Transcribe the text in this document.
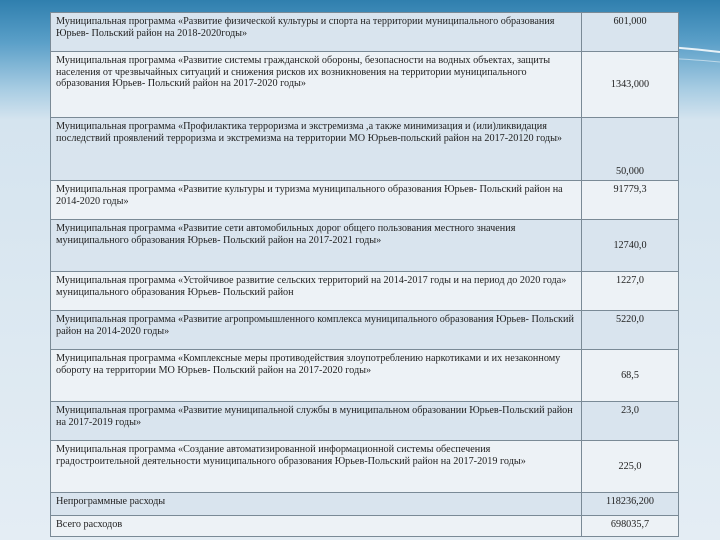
Муниципальная программа «Развитие физической культуры и спорта на территории муниципального образования Юрьев- Польский район на 2018-2020годы»	601,000
Муниципальная программа «Развитие системы гражданской обороны, безопасности на водных объектах, защиты населения от чрезвычайных ситуаций и снижения рисков их возникновения на территории муниципального образования Юрьев- Польский район на 2017-2020 годы»	1343,000
Муниципальная программа «Профилактика терроризма и экстремизма ,а также минимизация и (или)ликвидация последствий проявлений терроризма и экстремизма на территории МО Юрьев-польский район на 2017-20120 годы»	50,000
Муниципальная программа «Развитие культуры и туризма муниципального образования Юрьев- Польский район на 2014-2020 годы»	91779,3
Муниципальная программа «Развитие сети автомобильных дорог общего пользования местного значения муниципального образования Юрьев- Польский район на 2017-2021 годы»	12740,0
Муниципальная программа «Устойчивое развитие сельских территорий на 2014-2017 годы и на период до 2020 года» муниципального образования Юрьев- Польский район	1227,0
Муниципальная программа «Развитие агропромышленного комплекса муниципального образования Юрьев- Польский район на 2014-2020 годы»	5220,0
Муниципальная программа «Комплексные меры противодействия злоупотреблению наркотиками и их незаконному обороту на территории МО Юрьев- Польский район на 2017-2020 годы»	68,5
Муниципальная программа «Развитие муниципальной службы в муниципальном образовании Юрьев-Польский район на 2017-2019 годы»	23,0
Муниципальная программа «Создание автоматизированной информационной системы обеспечения градостроительной деятельности муниципального образования Юрьев-Польский район на 2017-2019 годы»	225,0
Непрограммные расходы	118236,200
Всего расходов	698035,7
